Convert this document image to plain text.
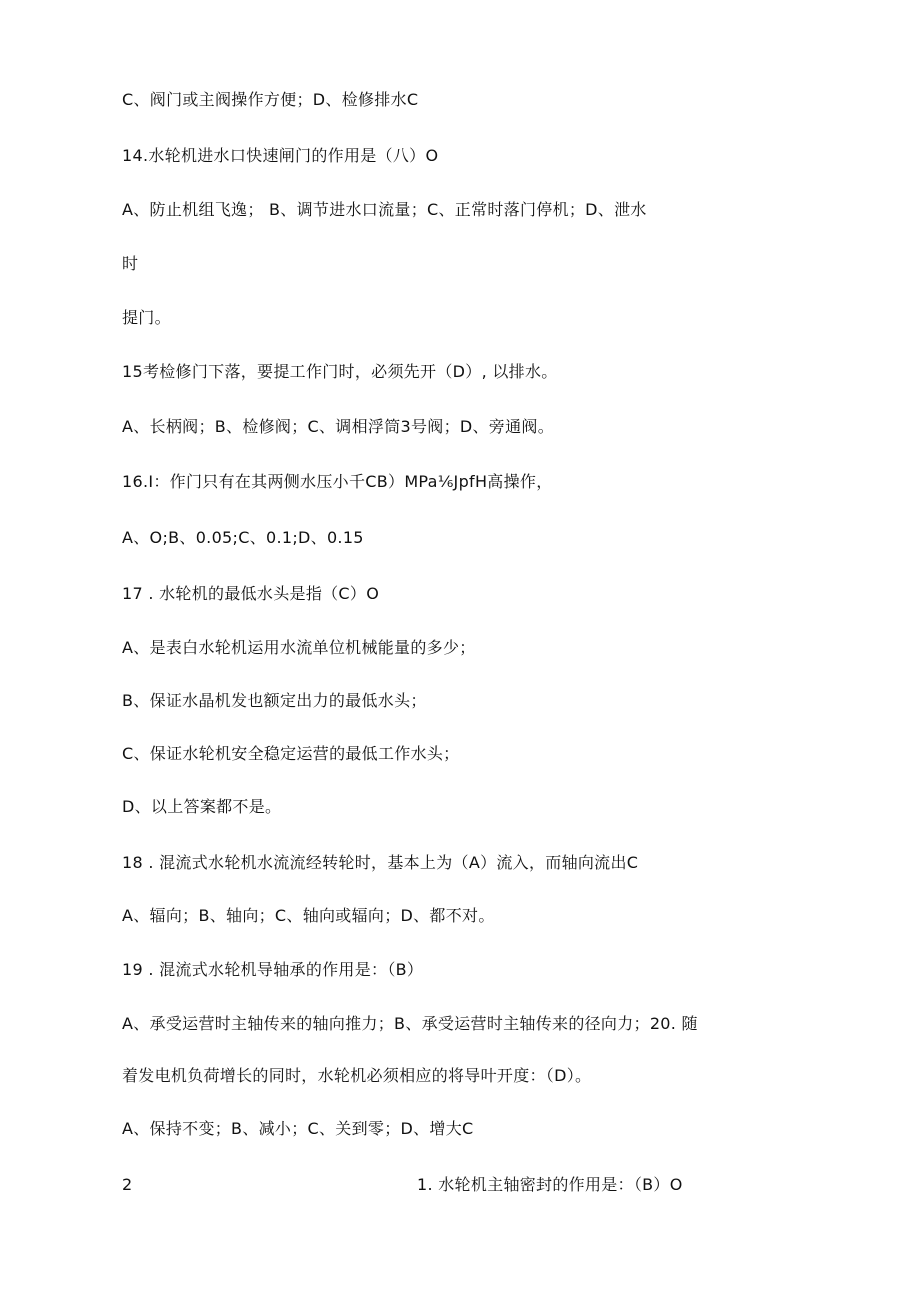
C、阀门或主阀操作方便；D、检修排水C
14.水轮机进水口快速闸门的作用是（八）O
A、防止机组飞逸； B、调节进水口流量；C、正常时落门停机；D、泄水
时
提门。
15考检修门下落，要提工作门时，必须先开（D）, 以排水。
A、长柄阀；B、检修阀；C、调相浮筒3号阀；D、旁通阀。
16.I：作门只有在其两侧水压小千CB）MPa⅙JpfH高操作，
A、O;B、0.05;C、0.1;D、0.15
17 . 水轮机的最低水头是指（C）O
A、是表白水轮机运用水流单位机械能量的多少；
B、保证水晶机发也额定出力的最低水头；
C、保证水轮机安全稳定运营的最低工作水头；
D、以上答案都不是。
18 . 混流式水轮机水流流经转轮时，基本上为（A）流入，而轴向流出C
A、辐向；B、轴向；C、轴向或辐向；D、都不对。
19 . 混流式水轮机导轴承的作用是：（B）
A、承受运营时主轴传来的轴向推力；B、承受运营时主轴传来的径向力；20. 随
着发电机负荷增长的同时，水轮机必须相应的将导叶开度：（D）。
A、保持不变；B、减小；C、关到零；D、增大C
2	1. 水轮机主轴密封的作用是：（B）O
